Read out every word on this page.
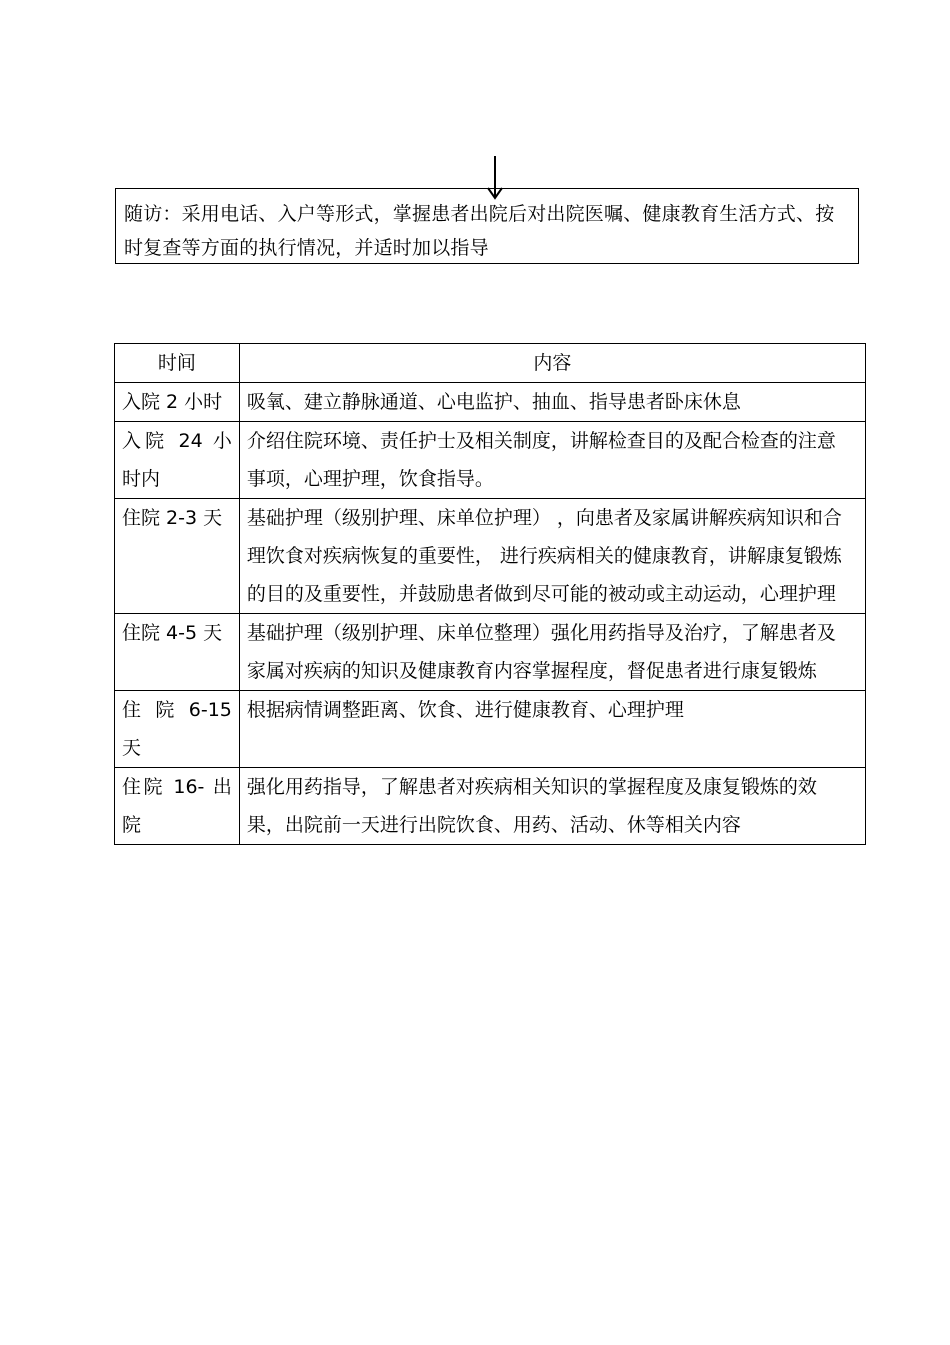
随访：采用电话、入户等形式，掌握患者出院后对出院医嘱、健康教育生活方式、按时复查等方面的执行情况，并适时加以指导
时间	内容
入院 2 小时	吸氧、建立静脉通道、心电监护、抽血、指导患者卧床休息
入院 24 小时内	介绍住院环境、责任护士及相关制度，讲解检查目的及配合检查的注意事项，心理护理，饮食指导。
住院 2-3 天	基础护理（级别护理、床单位护理） ，向患者及家属讲解疾病知识和合理饮食对疾病恢复的重要性， 进行疾病相关的健康教育，讲解康复锻炼的目的及重要性，并鼓励患者做到尽可能的被动或主动运动，心理护理
住院 4-5 天	基础护理（级别护理、床单位整理）强化用药指导及治疗，了解患者及家属对疾病的知识及健康教育内容掌握程度，督促患者进行康复锻炼
住 院 6-15 天	根据病情调整距离、饮食、进行健康教育、心理护理
住院 16- 出院	强化用药指导，了解患者对疾病相关知识的掌握程度及康复锻炼的效果，出院前一天进行出院饮食、用药、活动、休等相关内容
